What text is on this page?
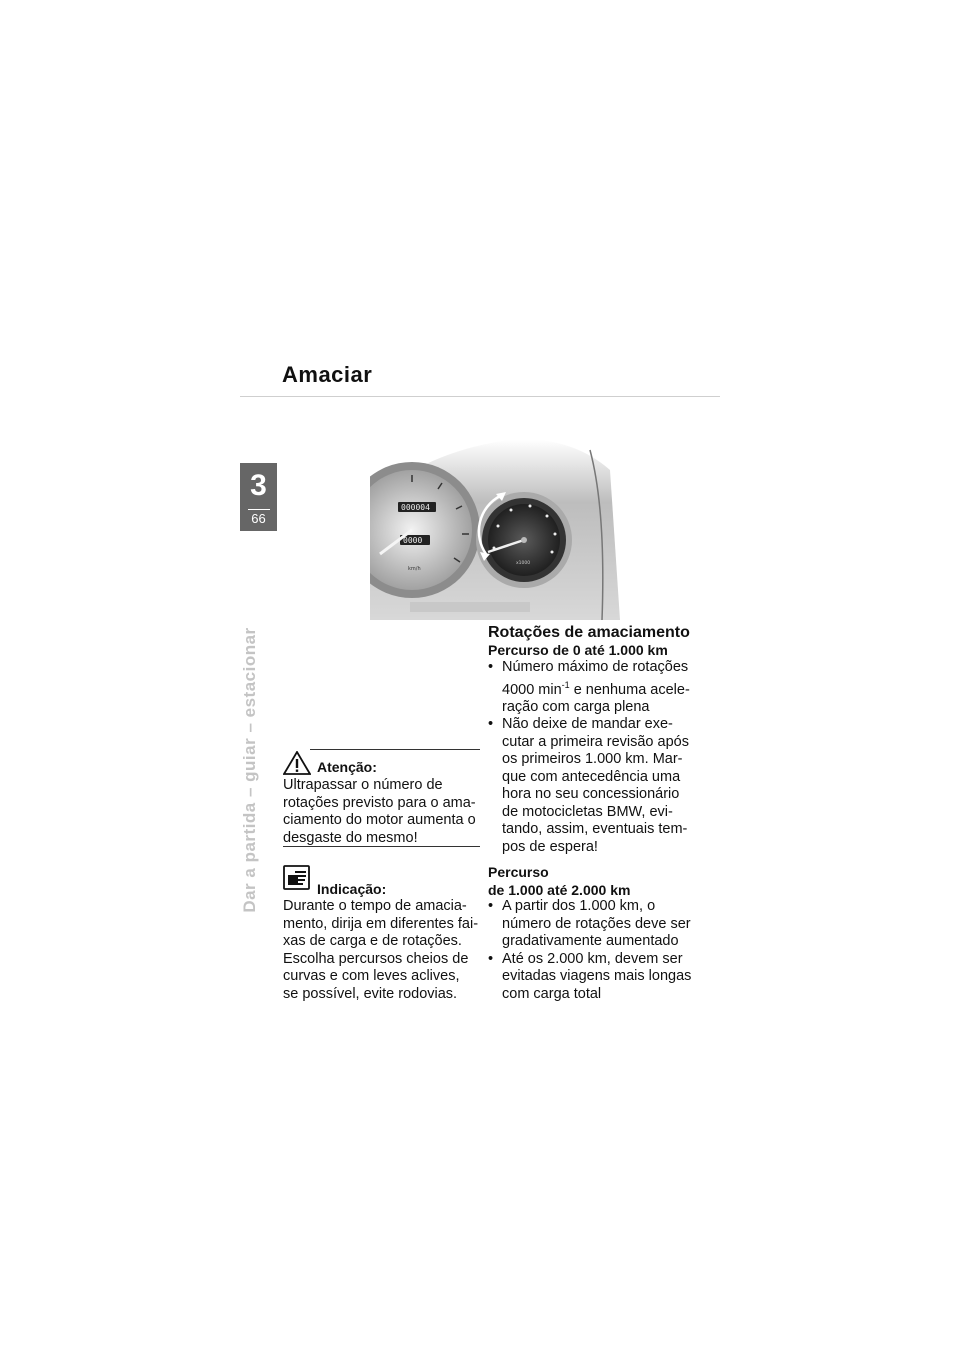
Amaciar
3
66
Dar a partida – guiar – estacionar
000004
0000
km/h
x1000
Atenção:
Ultrapassar o número de
rotações previsto para o ama-
ciamento do motor aumenta o
desgaste do mesmo!
Indicação:
Durante o tempo de amacia-
mento, dirija em diferentes fai-
xas de carga e de rotações.
Escolha percursos cheios de
curvas e com leves aclives,
se possível, evite rodovias.
Rotações de amaciamento
Percurso de 0 até 1.000 km
• Número máximo de rotações
4000 $\min^{-1} e$ nenhuma acele-
ração com carga plena
• Não deixe de mandar exe-
cutar a primeira revisão após
os primeiros 1.000 km. Mar-
que com antecedência uma
hora no seu concessionário
de motocicletas BMW, evi-
tando, assim, eventuais tem-
pos de espera!
Percurso
de 1.000 até 2.000 km
• A partir dos 1.000 km, o
número de rotações deve ser
gradativamente aumentado
• Até os 2.000 km, devem ser
evitadas viagens mais longas
com carga total
